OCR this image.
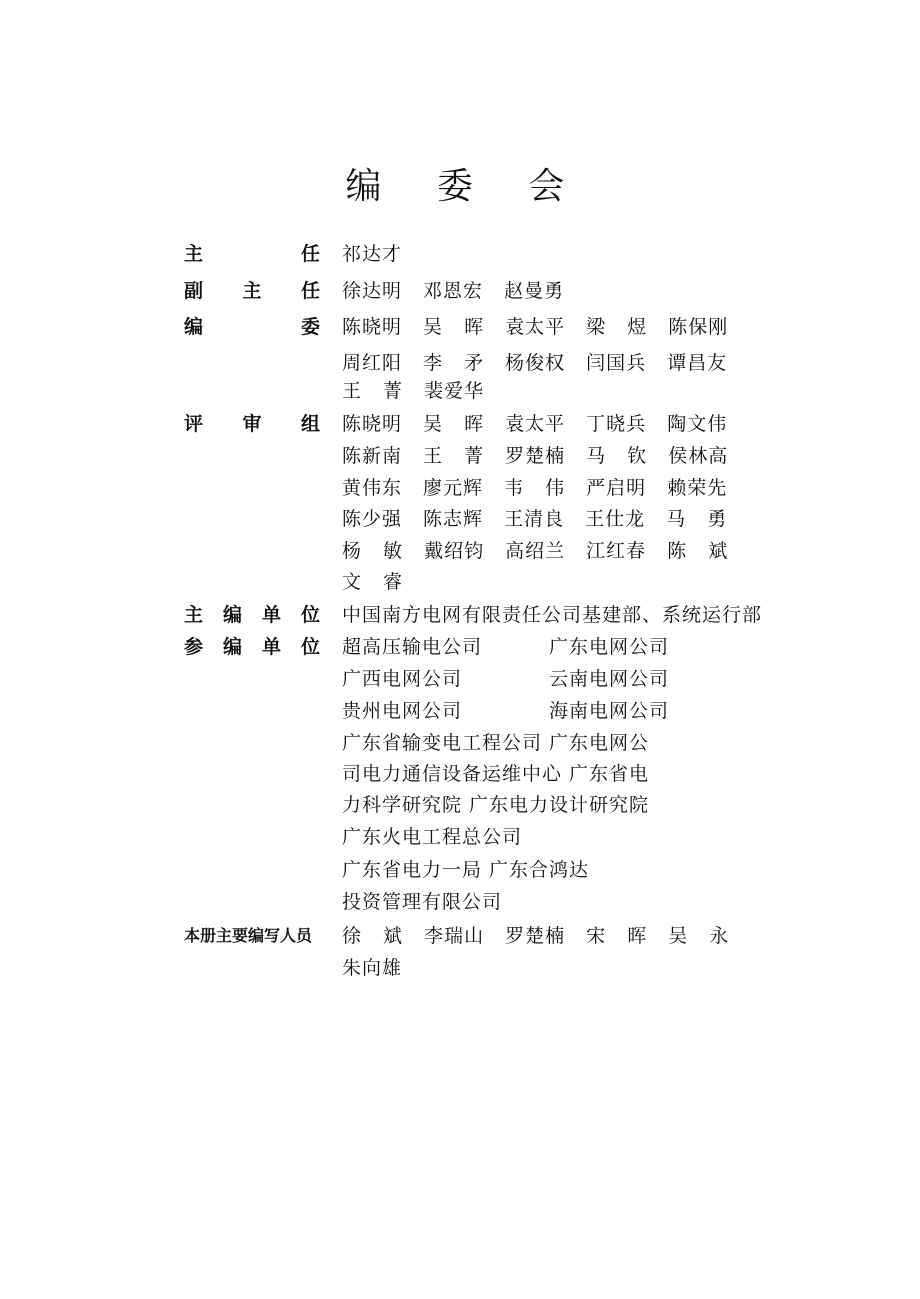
编 委 会
主 任 祁达才
副 主 任 徐达明 邓恩宏 赵曼勇
编 委 陈晓明 吴 晖 袁太平 梁 煜 陈保刚
周红阳 李 矛 杨俊权 闫国兵 谭昌友
王 菁 裴爱华
评 审 组 陈晓明 吴 晖 袁太平 丁晓兵 陶文伟
陈新南 王 菁 罗楚楠 马 钦 侯林高
黄伟东 廖元辉 韦 伟 严启明 赖荣先
陈少强 陈志辉 王清良 王仕龙 马 勇
杨 敏 戴绍钧 高绍兰 江红春 陈 斌
文 睿
主 编 单 位 中国南方电网有限责任公司基建部、系统运行部
参 编 单 位 超高压输电公司 广东电网公司
广西电网公司 云南电网公司
贵州电网公司 海南电网公司
广东省输变电工程公司 广东电网公
司电力通信设备运维中心 广东省电
力科学研究院 广东电力设计研究院
广东火电工程总公司
广东省电力一局 广东合鸿达
投资管理有限公司
本册主要编写人员 徐 斌 李瑞山 罗楚楠 宋 晖 吴 永
朱向雄
